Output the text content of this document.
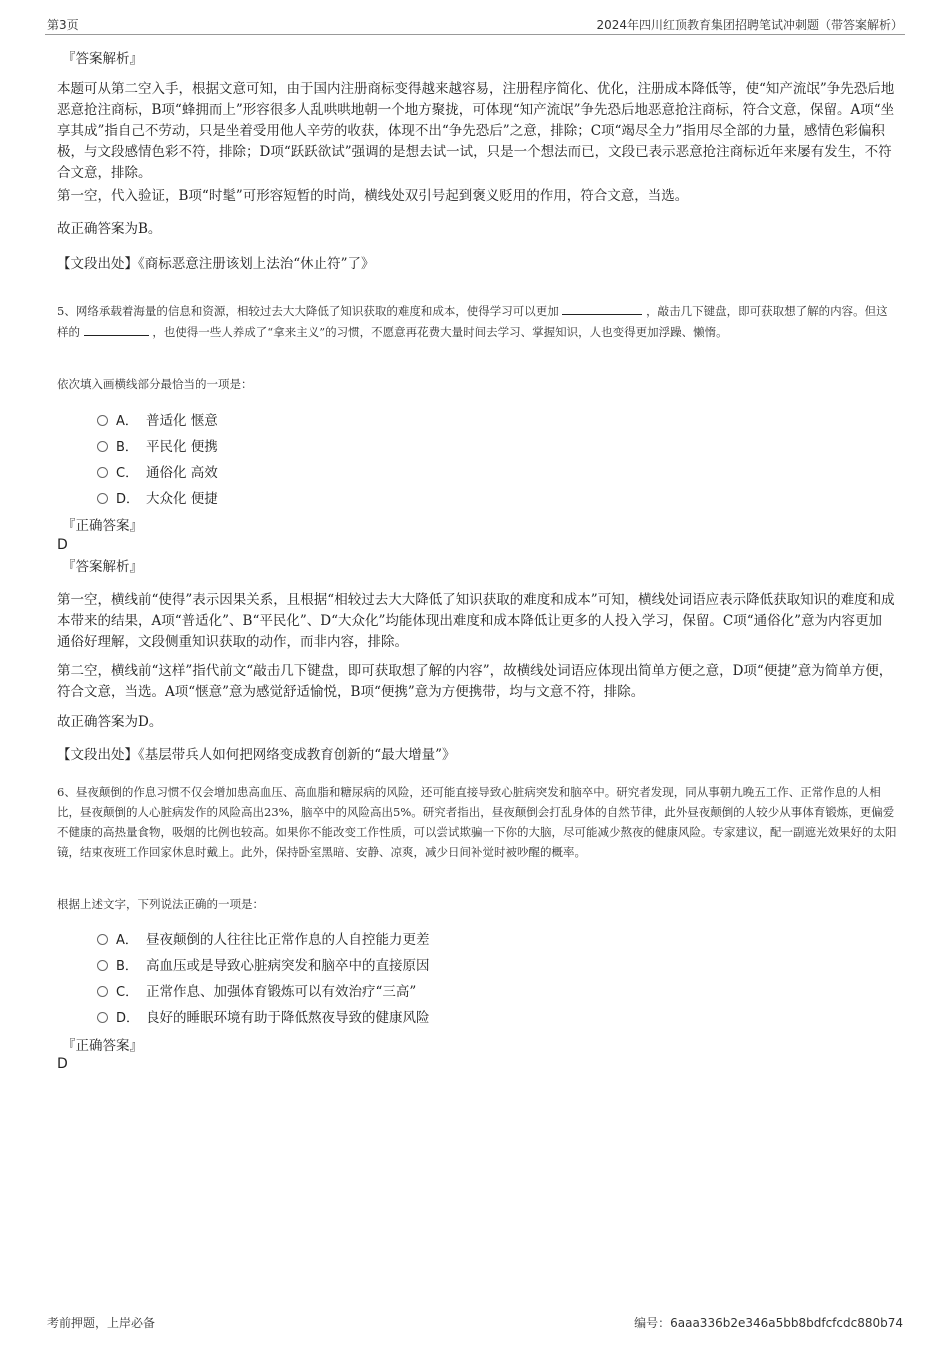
第3页	2024年四川红顶教育集团招聘笔试冲刺题（带答案解析）
『答案解析』
本题可从第二空入手，根据文意可知，由于国内注册商标变得越来越容易，注册程序简化、优化，注册成本降低等，使“知产流氓”争先恐后地恶意抢注商标，B项“蜂拥而上”形容很多人乱哄哄地朝一个地方聚拢，可体现“知产流氓”争先恐后地恶意抢注商标，符合文意，保留。A项“坐享其成”指自己不劳动，只是坐着受用他人辛劳的收获，体现不出“争先恐后”之意，排除；C项“竭尽全力”指用尽全部的力量，感情色彩偏积极，与文段感情色彩不符，排除；D项“跃跃欲试”强调的是想去试一试，只是一个想法而已，文段已表示恶意抢注商标近年来屡有发生，不符合文意，排除。
第一空，代入验证，B项“时髦”可形容短暂的时尚，横线处双引号起到褒义贬用的作用，符合文意，当选。
故正确答案为B。
【文段出处】《商标恶意注册该划上法治“休止符”了》
5、网络承载着海量的信息和资源，相较过去大大降低了知识获取的难度和成本，使得学习可以更加	，敲击几下键盘，即可获取想了解的内容。但这样的	，也使得一些人养成了“拿来主义”的习惯，不愿意再花费大量时间去学习、掌握知识，人也变得更加浮躁、懒惰。
依次填入画横线部分最恰当的一项是：
A． 普适化 惬意
B． 平民化 便携
C． 通俗化 高效
D． 大众化 便捷
『正确答案』
D
『答案解析』
第一空，横线前“使得”表示因果关系，且根据“相较过去大大降低了知识获取的难度和成本”可知，横线处词语应表示降低获取知识的难度和成本带来的结果，A项“普适化”、B“平民化”、D“大众化”均能体现出难度和成本降低让更多的人投入学习，保留。C项“通俗化”意为内容更加通俗好理解，文段侧重知识获取的动作，而非内容，排除。
第二空，横线前“这样”指代前文“敲击几下键盘，即可获取想了解的内容”，故横线处词语应体现出简单方便之意，D项“便捷”意为简单方便，符合文意，当选。A项“惬意”意为感觉舒适愉悦，B项“便携”意为方便携带，均与文意不符，排除。
故正确答案为D。
【文段出处】《基层带兵人如何把网络变成教育创新的“最大增量”》
6、昼夜颠倒的作息习惯不仅会增加患高血压、高血脂和糖尿病的风险，还可能直接导致心脏病突发和脑卒中。研究者发现，同从事朝九晚五工作、正常作息的人相比，昼夜颠倒的人心脏病发作的风险高出23%，脑卒中的风险高出5%。研究者指出，昼夜颠倒会打乱身体的自然节律，此外昼夜颠倒的人较少从事体育锻炼，更偏爱不健康的高热量食物，吸烟的比例也较高。如果你不能改变工作性质，可以尝试欺骗一下你的大脑，尽可能减少熬夜的健康风险。专家建议，配一副遮光效果好的太阳镜，结束夜班工作回家休息时戴上。此外，保持卧室黑暗、安静、凉爽，减少日间补觉时被吵醒的概率。
根据上述文字，下列说法正确的一项是：
A． 昼夜颠倒的人往往比正常作息的人自控能力更差
B． 高血压或是导致心脏病突发和脑卒中的直接原因
C． 正常作息、加强体育锻炼可以有效治疗“三高”
D． 良好的睡眠环境有助于降低熬夜导致的健康风险
『正确答案』
D
考前押题，上岸必备	编号：6aaa336b2e346a5bb8bdfcfcdc880b74
